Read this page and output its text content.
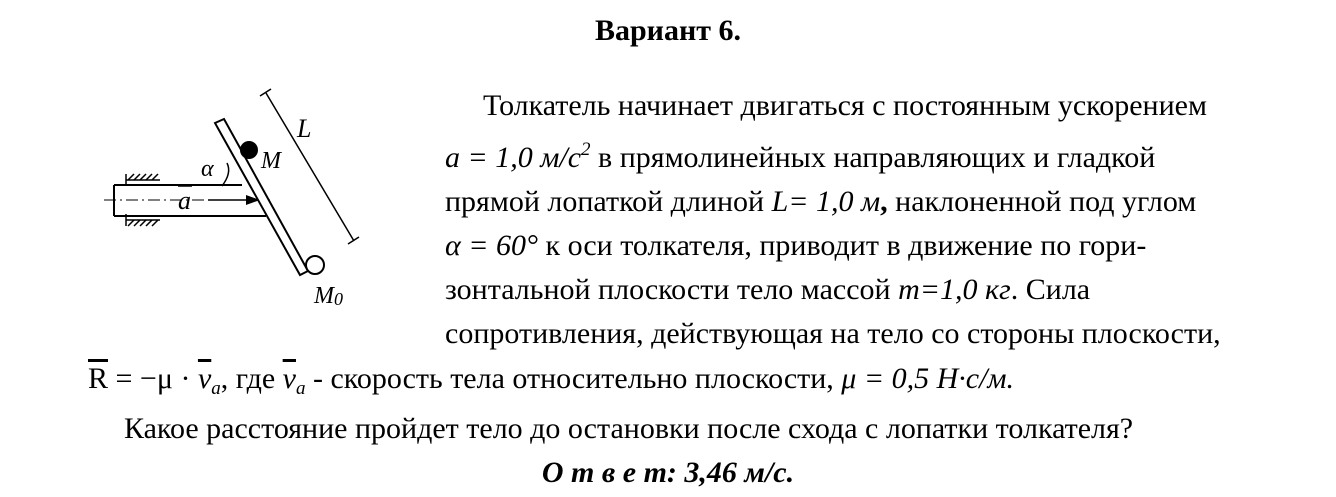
Вариант 6.
a
α M
L
M0
Толкатель начинает двигаться с постоянным ускорением
a = 1,0 $м/с^2$ в прямолинейных направляющих и гладкой
прямой лопаткой длиной L= 1,0 м, наклоненной под углом
α = 60° к оси толкателя, приводит в движение по гори-
зонтальной плоскости тело массой m=1,0 кг. Сила
сопротивления, действующая на тело со стороны плоскости,
$\overline{R} = -\mu \cdot \overline{v}_a$, где $\overline{v}_a$ - скорость тела относительно плоскости, μ = 0,5 Н·с/м.
Какое расстояние пройдет тело до остановки после схода с лопатки толкателя?
О т в е т: 3,46 м/с.
